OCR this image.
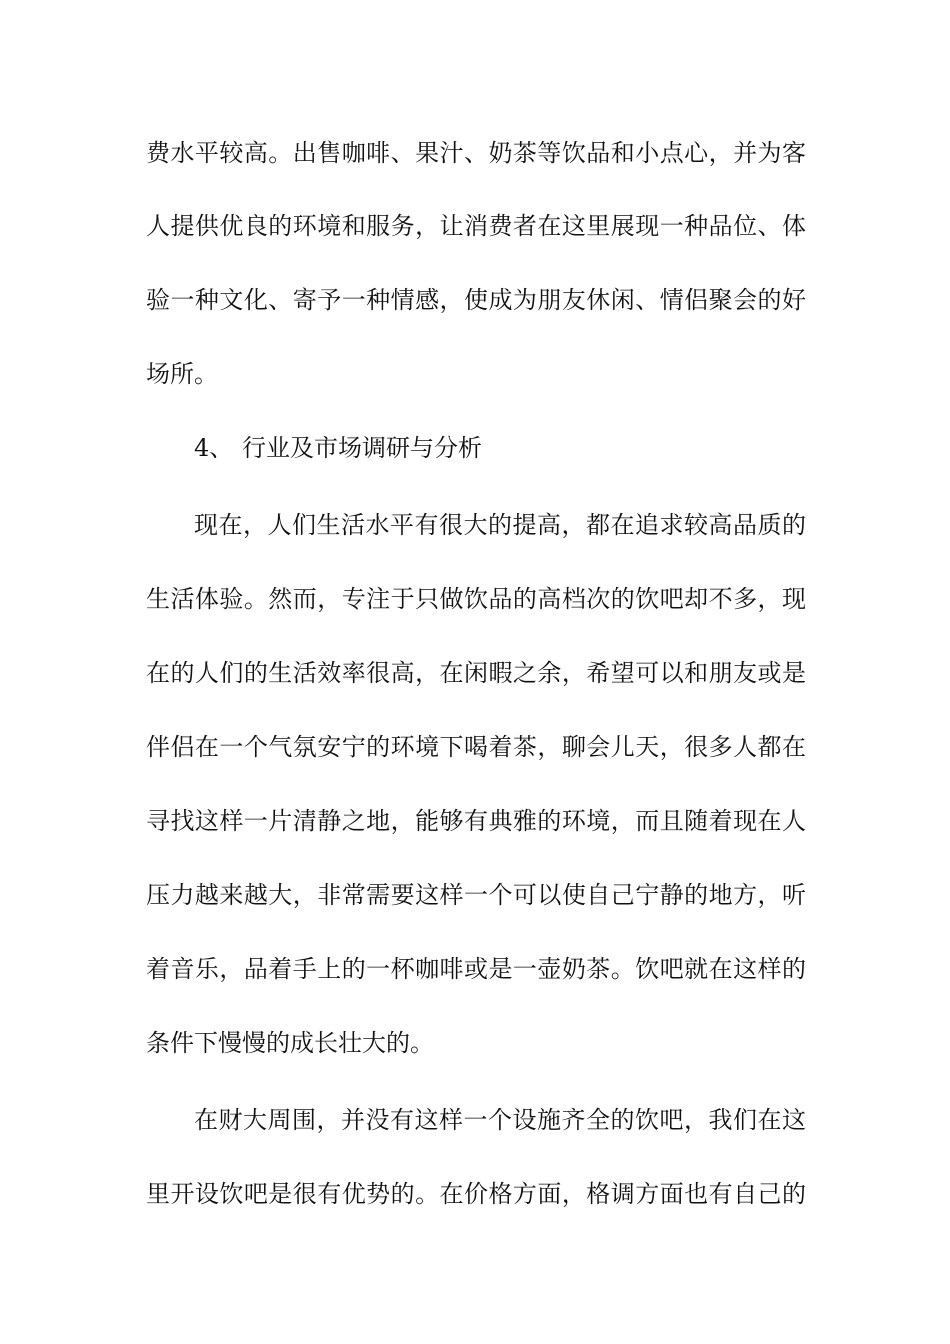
费水平较高。出售咖啡、果汁、奶茶等饮品和小点心，并为客
人提供优良的环境和服务，让消费者在这里展现一种品位、体
验一种文化、寄予一种情感，使成为朋友休闲、情侣聚会的好
场所。
4、 行业及市场调研与分析
现在，人们生活水平有很大的提高，都在追求较高品质的
生活体验。然而，专注于只做饮品的高档次的饮吧却不多，现
在的人们的生活效率很高，在闲暇之余，希望可以和朋友或是
伴侣在一个气氛安宁的环境下喝着茶，聊会儿天，很多人都在
寻找这样一片清静之地，能够有典雅的环境，而且随着现在人
压力越来越大，非常需要这样一个可以使自己宁静的地方，听
着音乐，品着手上的一杯咖啡或是一壶奶茶。饮吧就在这样的
条件下慢慢的成长壮大的。
在财大周围，并没有这样一个设施齐全的饮吧，我们在这
里开设饮吧是很有优势的。在价格方面，格调方面也有自己的
